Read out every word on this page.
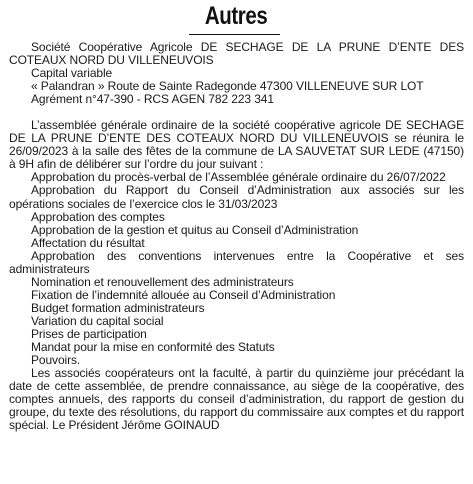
Autres

Société Coopérative Agricole DE SECHAGE DE LA PRUNE D’ENTE DES COTEAUX NORD DU VILLENEUVOIS

Capital variable
« Palandran » Route de Sainte Radegonde 47300 VILLENEUVE SUR LOT
Agrément n°47-390 - RCS AGEN 782 223 341

L’assemblée générale ordinaire de la société coopérative agricole DE SECHAGE DE LA PRUNE D’ENTE DES COTEAUX NORD DU VILLENEUVOIS se réunira le 26/09/2023 à la salle des fêtes de la commune de LA SAUVETAT SUR LEDE (47150) à 9H afin de délibérer sur l’ordre du jour suivant :

Approbation du procès-verbal de l’Assemblée générale ordinaire du 26/07/2022

Approbation du Rapport du Conseil d’Administration aux associés sur les opérations sociales de l’exercice clos le 31/03/2023

Approbation des comptes

Approbation de la gestion et quitus au Conseil d’Administration

Affectation du résultat

Approbation des conventions intervenues entre la Coopérative et ses administrateurs

Nomination et renouvellement des administrateurs

Fixation de l’indemnité allouée au Conseil d’Administration

Budget formation administrateurs

Variation du capital social

Prises de participation

Mandat pour la mise en conformité des Statuts

Pouvoirs.

Les associés coopérateurs ont la faculté, à partir du quinzième jour précédant la date de cette assemblée, de prendre connaissance, au siège de la coopérative, des comptes annuels, des rapports du conseil d’administration, du rapport de gestion du groupe, du texte des résolutions, du rapport du commissaire aux comptes et du rapport spécial. Le Président Jérôme GOINAUD
